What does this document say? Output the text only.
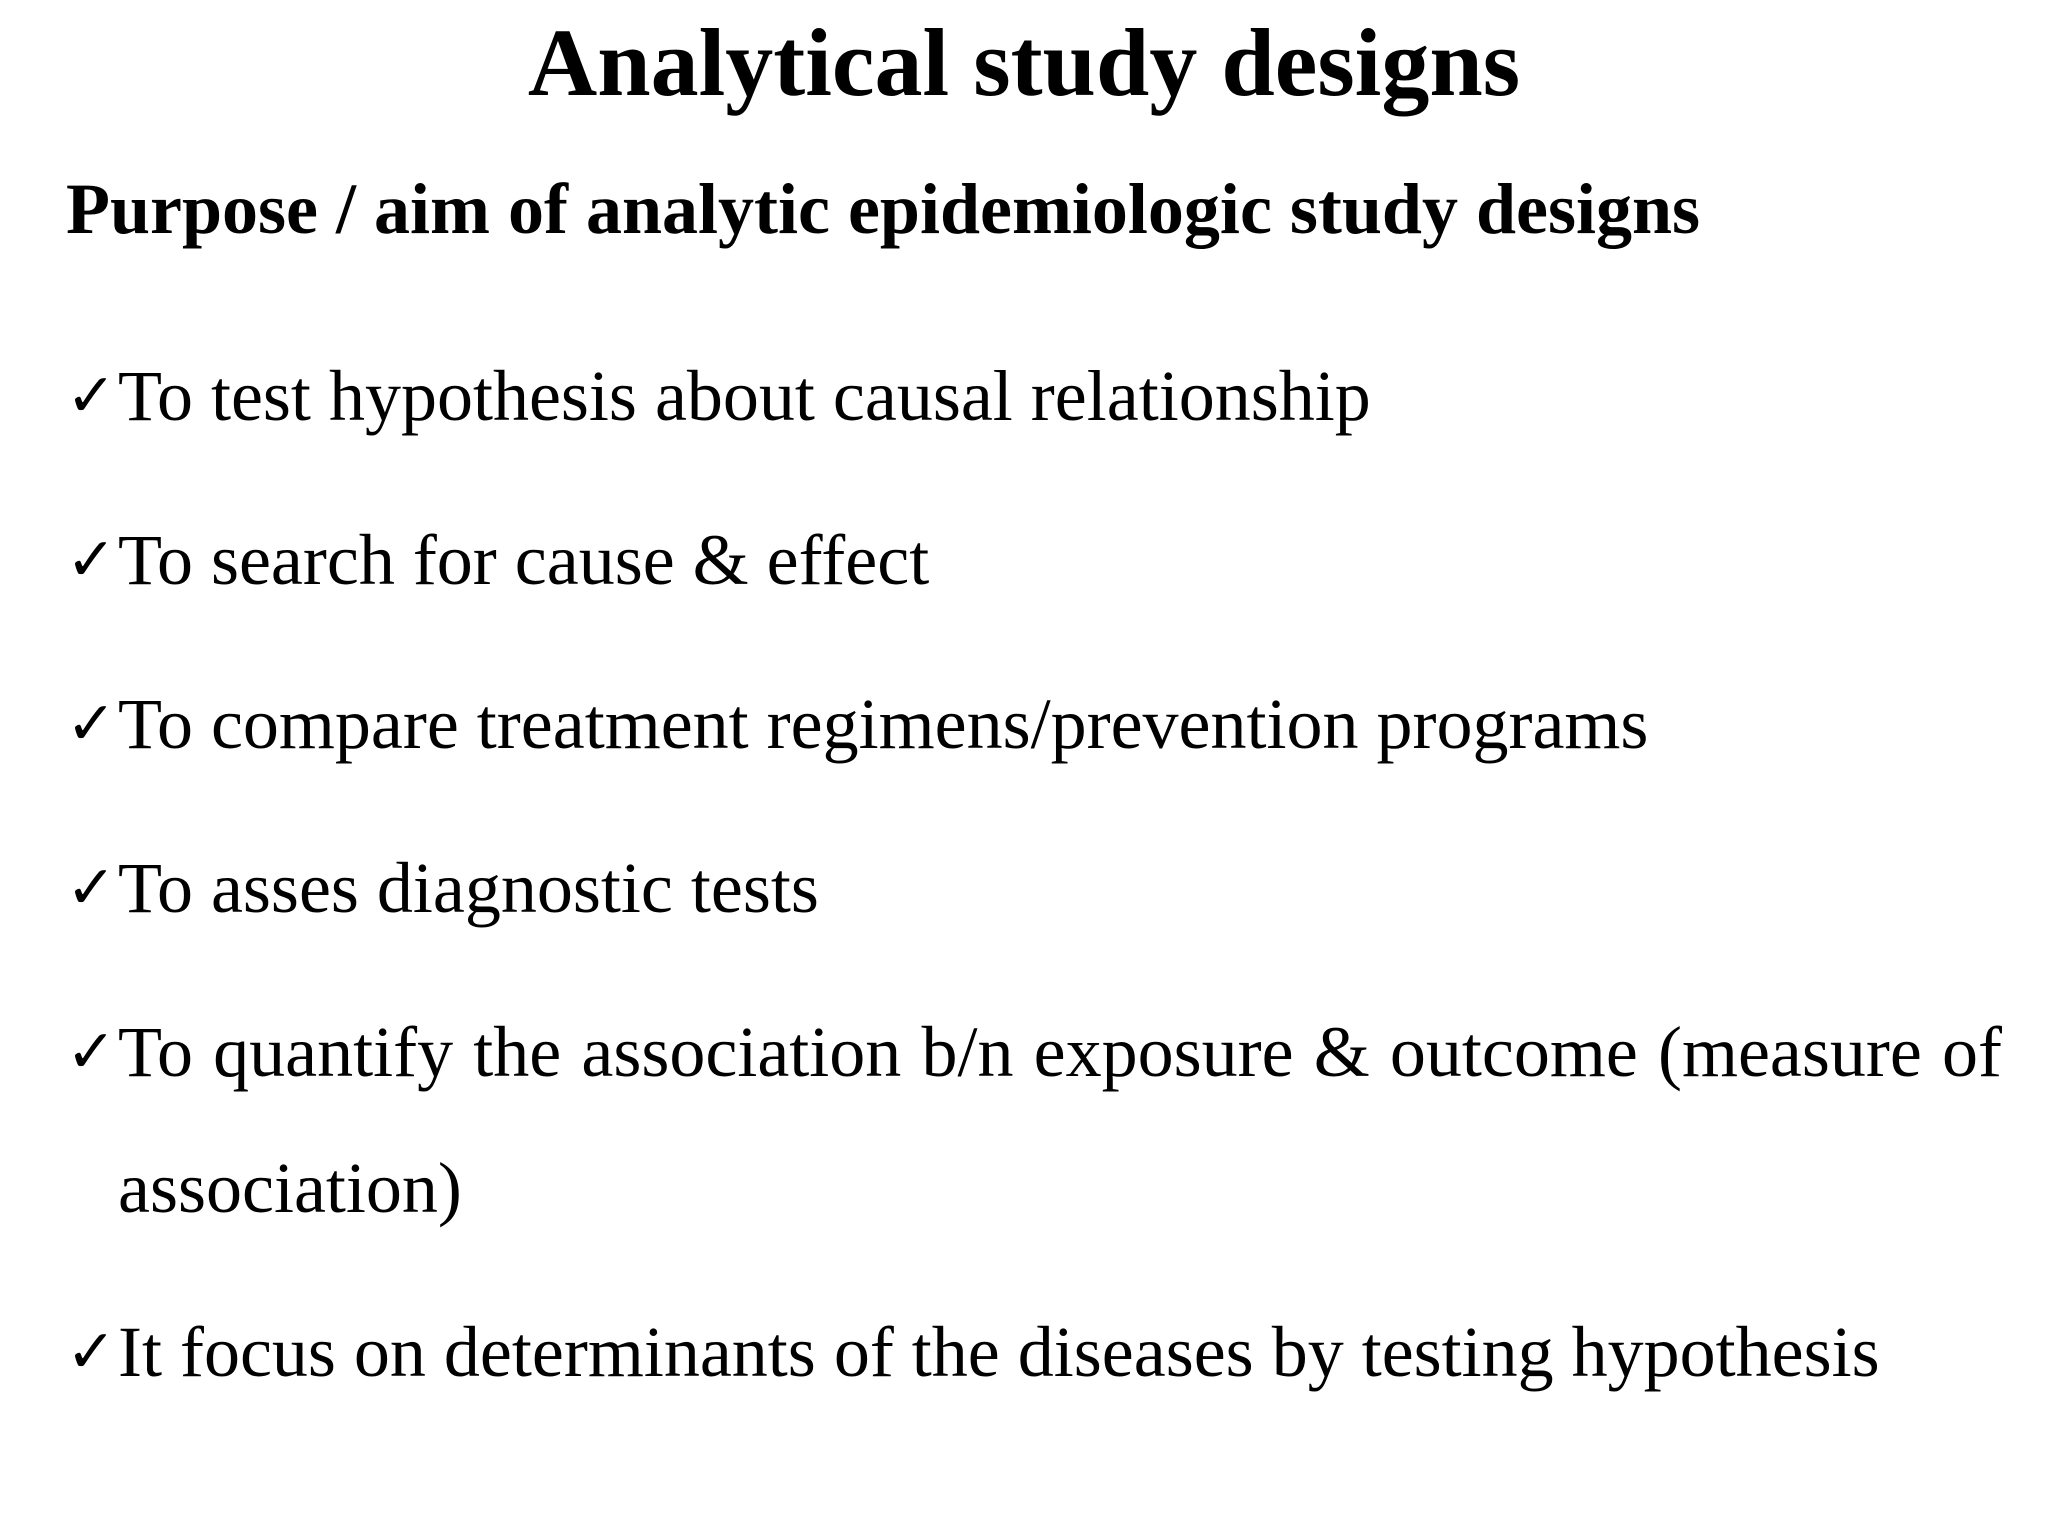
Analytical study designs
Purpose / aim of analytic epidemiologic study designs
✓ To test hypothesis about causal relationship
✓ To search for cause & effect
✓ To compare treatment regimens/prevention programs
✓ To asses diagnostic tests
✓ To quantify the association b/n exposure & outcome (measure of association)
✓ It focus on determinants of the diseases by testing hypothesis
